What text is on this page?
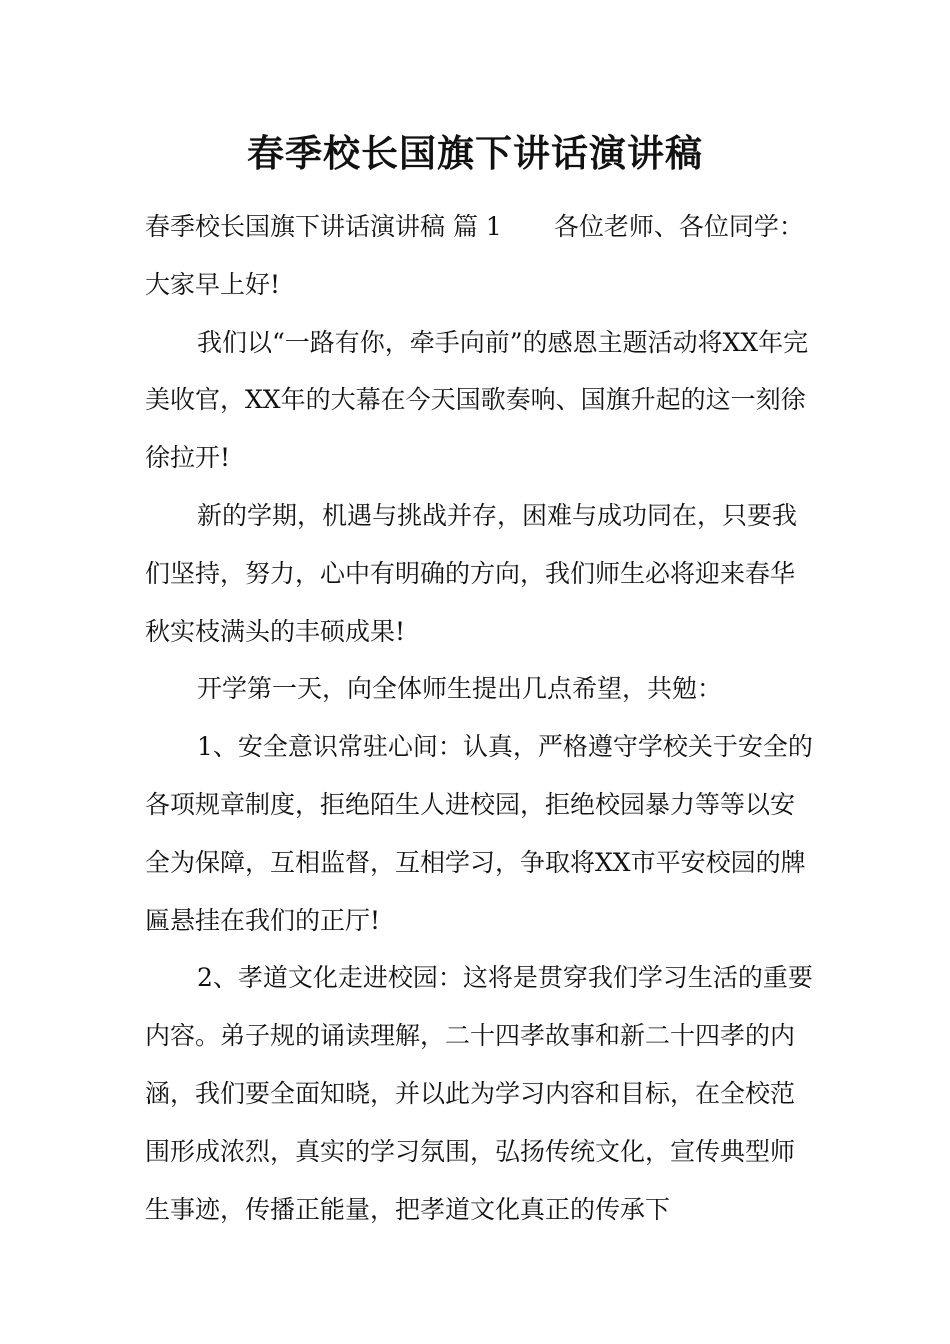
春季校长国旗下讲话演讲稿

春季校长国旗下讲话演讲稿 篇 1 各位老师、各位同学：大家早上好!

我们以“一路有你，牵手向前”的感恩主题活动将XX年完美收官，XX年的大幕在今天国歌奏响、国旗升起的这一刻徐徐拉开!

新的学期，机遇与挑战并存，困难与成功同在，只要我们坚持，努力，心中有明确的方向，我们师生必将迎来春华秋实枝满头的丰硕成果!

开学第一天，向全体师生提出几点希望，共勉：

1、安全意识常驻心间：认真，严格遵守学校关于安全的各项规章制度，拒绝陌生人进校园，拒绝校园暴力等等以安全为保障，互相监督，互相学习，争取将XX市平安校园的牌匾悬挂在我们的正厅!

2、孝道文化走进校园：这将是贯穿我们学习生活的重要内容。弟子规的诵读理解，二十四孝故事和新二十四孝的内涵，我们要全面知晓，并以此为学习内容和目标，在全校范围形成浓烈，真实的学习氛围，弘扬传统文化，宣传典型师生事迹，传播正能量，把孝道文化真正的传承下
